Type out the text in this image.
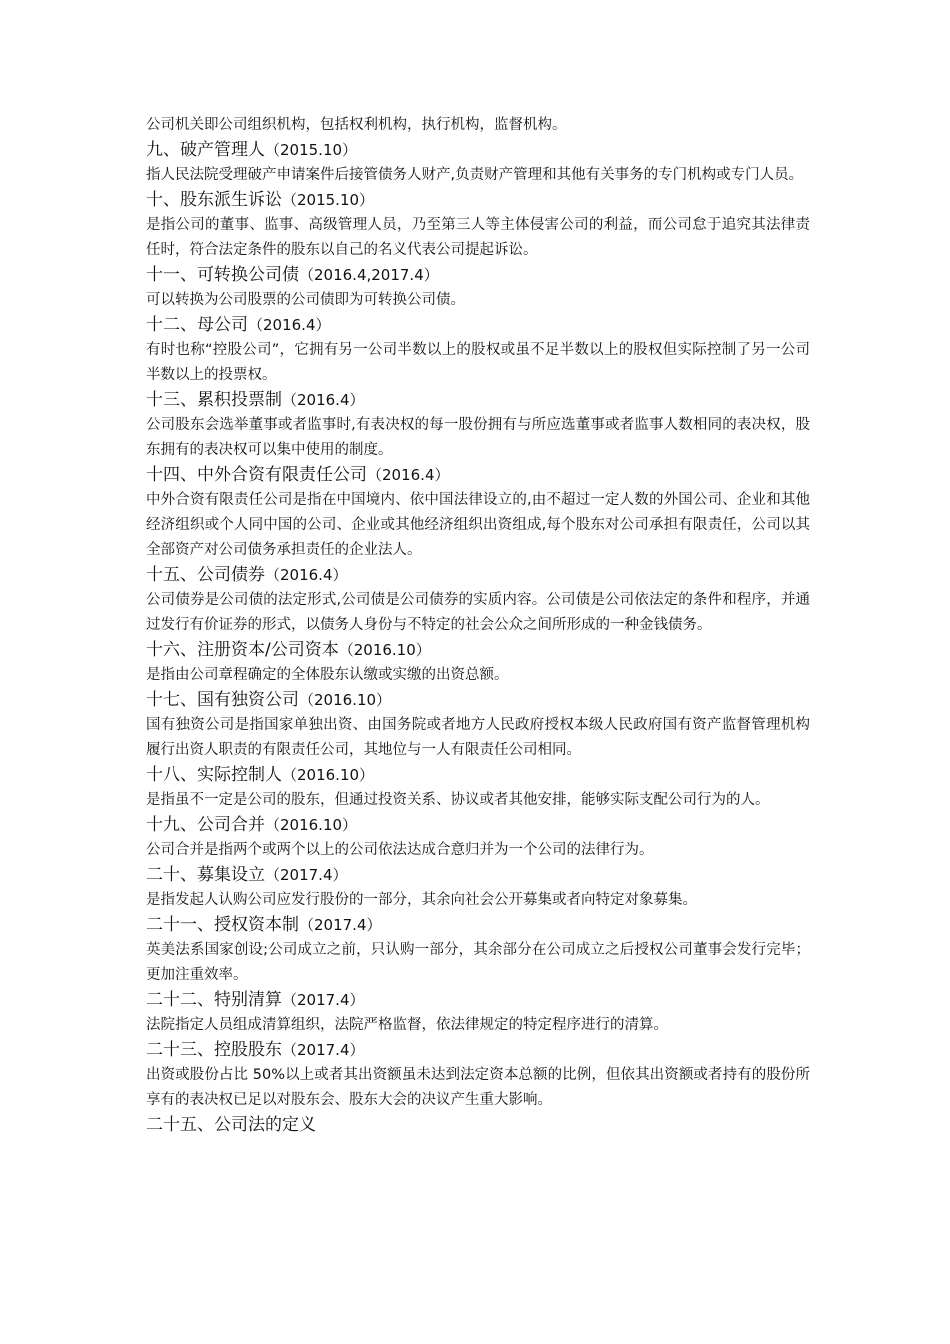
公司机关即公司组织机构，包括权利机构，执行机构，监督机构。

九、破产管理人（2015.10）

指人民法院受理破产申请案件后接管债务人财产,负责财产管理和其他有关事务的专门机构或专门人员。

十、股东派生诉讼（2015.10）

是指公司的董事、监事、高级管理人员，乃至第三人等主体侵害公司的利益，而公司怠于追究其法律责任时，符合法定条件的股东以自己的名义代表公司提起诉讼。

十一、可转换公司债（2016.4,2017.4）

可以转换为公司股票的公司债即为可转换公司债。

十二、母公司（2016.4）

有时也称“控股公司”，它拥有另一公司半数以上的股权或虽不足半数以上的股权但实际控制了另一公司半数以上的投票权。

十三、累积投票制（2016.4）

公司股东会选举董事或者监事时,有表决权的每一股份拥有与所应选董事或者监事人数相同的表决权，股东拥有的表决权可以集中使用的制度。

十四、中外合资有限责任公司（2016.4）

中外合资有限责任公司是指在中国境内、依中国法律设立的,由不超过一定人数的外国公司、企业和其他经济组织或个人同中国的公司、企业或其他经济组织出资组成,每个股东对公司承担有限责任，公司以其全部资产对公司债务承担责任的企业法人。

十五、公司债券（2016.4）

公司债券是公司债的法定形式,公司债是公司债券的实质内容。公司债是公司依法定的条件和程序，并通过发行有价证券的形式，以债务人身份与不特定的社会公众之间所形成的一种金钱债务。

十六、注册资本/公司资本（2016.10）

是指由公司章程确定的全体股东认缴或实缴的出资总额。

十七、国有独资公司（2016.10）

国有独资公司是指国家单独出资、由国务院或者地方人民政府授权本级人民政府国有资产监督管理机构履行出资人职责的有限责任公司，其地位与一人有限责任公司相同。

十八、实际控制人（2016.10）

是指虽不一定是公司的股东，但通过投资关系、协议或者其他安排，能够实际支配公司行为的人。

十九、公司合并（2016.10）

公司合并是指两个或两个以上的公司依法达成合意归并为一个公司的法律行为。

二十、募集设立（2017.4）

是指发起人认购公司应发行股份的一部分，其余向社会公开募集或者向特定对象募集。

二十一、授权资本制（2017.4）

英美法系国家创设;公司成立之前，只认购一部分，其余部分在公司成立之后授权公司董事会发行完毕；更加注重效率。

二十二、特别清算（2017.4）

法院指定人员组成清算组织，法院严格监督，依法律规定的特定程序进行的清算。

二十三、控股股东（2017.4）

出资或股份占比 50%以上或者其出资额虽未达到法定资本总额的比例，但依其出资额或者持有的股份所享有的表决权已足以对股东会、股东大会的决议产生重大影响。

二十五、公司法的定义
